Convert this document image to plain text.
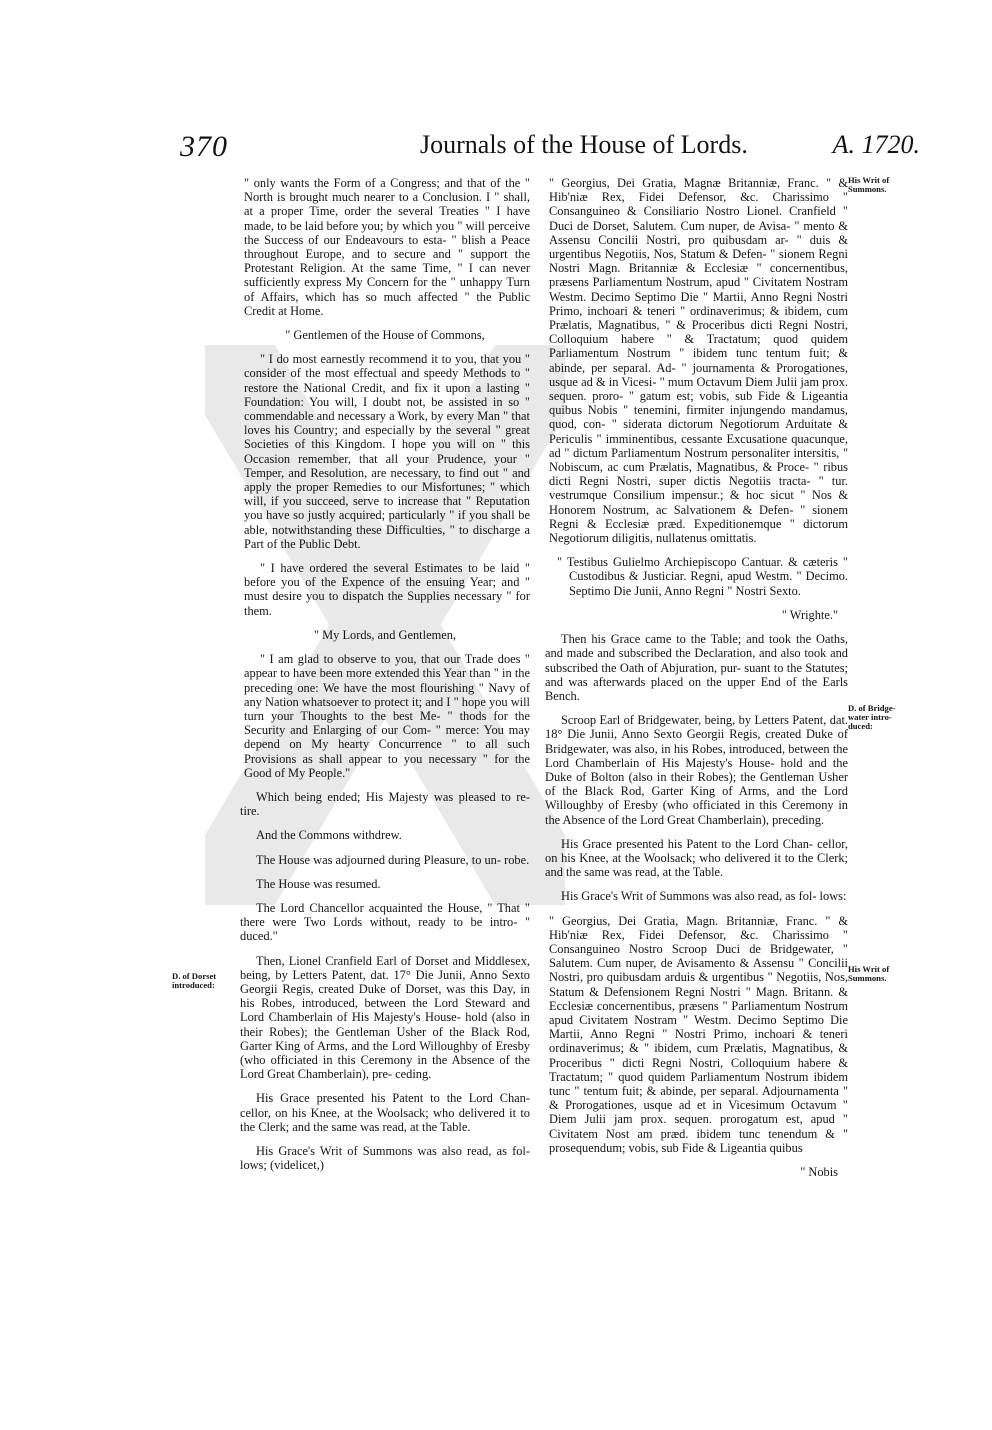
370	Journals of the House of Lords.	A. 1720.

" only wants the Form of a Congress; and that of the " North is brought much nearer to a Conclusion. I " shall, at a proper Time, order the several Treaties " I have made, to be laid before you; by which you " will perceive the Success of our Endeavours to esta- " blish a Peace throughout Europe, and to secure and " support the Protestant Religion. At the same Time, " I can never sufficiently express My Concern for the " unhappy Turn of Affairs, which has so much affected " the Public Credit at Home.

" Gentlemen of the House of Commons,

" I do most earnestly recommend it to you, that you " consider of the most effectual and speedy Methods to " restore the National Credit, and fix it upon a lasting " Foundation: You will, I doubt not, be assisted in so " commendable and necessary a Work, by every Man " that loves his Country; and especially by the several " great Societies of this Kingdom. I hope you will on " this Occasion remember, that all your Prudence, your " Temper, and Resolution, are necessary, to find out " and apply the proper Remedies to our Misfortunes; " which will, if you succeed, serve to increase that " Reputation you have so justly acquired; particularly " if you shall be able, notwithstanding these Difficulties, " to discharge a Part of the Public Debt.

" I have ordered the several Estimates to be laid " before you of the Expence of the ensuing Year; and " must desire you to dispatch the Supplies necessary " for them.

" My Lords, and Gentlemen,

" I am glad to observe to you, that our Trade does " appear to have been more extended this Year than " in the preceding one: We have the most flourishing " Navy of any Nation whatsoever to protect it; and I " hope you will turn your Thoughts to the best Me- " thods for the Security and Enlarging of our Com- " merce: You may depend on My hearty Concurrence " to all such Provisions as shall appear to you necessary " for the Good of My People."

Which being ended; His Majesty was pleased to re- tire.

And the Commons withdrew.

The House was adjourned during Pleasure, to un- robe.

The House was resumed.

The Lord Chancellor acquainted the House, " That " there were Two Lords without, ready to be intro- " duced."

Then, Lionel Cranfield Earl of Dorset and Middlesex, being, by Letters Patent, dat. 17° Die Junii, Anno Sexto Georgii Regis, created Duke of Dorset, was this Day, in his Robes, introduced, between the Lord Steward and Lord Chamberlain of His Majesty's House- hold (also in their Robes); the Gentleman Usher of the Black Rod, Garter King of Arms, and the Lord Willoughby of Eresby (who officiated in this Ceremony in the Absence of the Lord Great Chamberlain), pre- ceding.

His Grace presented his Patent to the Lord Chan- cellor, on his Knee, at the Woolsack; who delivered it to the Clerk; and the same was read, at the Table.

His Grace's Writ of Summons was also read, as fol- lows; (videlicet,)

" Georgius, Dei Gratia, Magnæ Britanniæ, Franc. " & Hib'niæ Rex, Fidei Defensor, &c. Charissimo " Consanguineo & Consiliario Nostro Lionel. Cranfield " Duci de Dorset, Salutem. Cum nuper, de Avisa- " mento & Assensu Concilii Nostri, pro quibusdam ar- " duis & urgentibus Negotiis, Nos, Statum & Defen- " sionem Regni Nostri Magn. Britanniæ & Ecclesiæ " concernentibus, præsens Parliamentum Nostrum, apud " Civitatem Nostram Westm. Decimo Septimo Die " Martii, Anno Regni Nostri Primo, inchoari & teneri " ordinaverimus; & ibidem, cum Prælatis, Magnatibus, " & Proceribus dicti Regni Nostri, Colloquium habere " & Tractatum; quod quidem Parliamentum Nostrum " ibidem tunc tentum fuit; & abinde, per separal. Ad- " journamenta & Prorogationes, usque ad & in Vicesi- " mum Octavum Diem Julii jam prox. sequen. proro- " gatum est; vobis, sub Fide & Ligeantia quibus Nobis " tenemini, firmiter injungendo mandamus, quod, con- " siderata dictorum Negotiorum Arduitate & Periculis " imminentibus, cessante Excusatione quacunque, ad " dictum Parliamentum Nostrum personaliter intersitis, " Nobiscum, ac cum Prælatis, Magnatibus, & Proce- " ribus dicti Regni Nostri, super dictis Negotiis tracta- " tur. vestrumque Consilium impensur.; & hoc sicut " Nos & Honorem Nostrum, ac Salvationem & Defen- " sionem Regni & Ecclesiæ præd. Expeditionemque " dictorum Negotiorum diligitis, nullatenus omittatis.

" Testibus Gulielmo Archiepiscopo Cantuar. & cæteris " Custodibus & Justiciar. Regni, apud Westm. " Decimo. Septimo Die Junii, Anno Regni " Nostri Sexto.

" Wrighte."

Then his Grace came to the Table; and took the Oaths, and made and subscribed the Declaration, and also took and subscribed the Oath of Abjuration, pur- suant to the Statutes; and was afterwards placed on the upper End of the Earls Bench.

Scroop Earl of Bridgewater, being, by Letters Patent, dat. 18° Die Junii, Anno Sexto Georgii Regis, created Duke of Bridgewater, was also, in his Robes, introduced, between the Lord Chamberlain of His Majesty's House- hold and the Duke of Bolton (also in their Robes); the Gentleman Usher of the Black Rod, Garter King of Arms, and the Lord Willoughby of Eresby (who officiated in this Ceremony in the Absence of the Lord Great Chamberlain), preceding.

His Grace presented his Patent to the Lord Chan- cellor, on his Knee, at the Woolsack; who delivered it to the Clerk; and the same was read, at the Table.

His Grace's Writ of Summons was also read, as fol- lows:

" Georgius, Dei Gratia, Magn. Britanniæ, Franc. " & Hib'niæ Rex, Fidei Defensor, &c. Charissimo " Consanguineo Nostro Scroop Duci de Bridgewater, " Salutem. Cum nuper, de Avisamento & Assensu " Concilii Nostri, pro quibusdam arduis & urgentibus " Negotiis, Nos, Statum & Defensionem Regni Nostri " Magn. Britann. & Ecclesiæ concernentibus, præsens " Parliamentum Nostrum apud Civitatem Nostram " Westm. Decimo Septimo Die Martii, Anno Regni " Nostri Primo, inchoari & teneri ordinaverimus; & " ibidem, cum Prælatis, Magnatibus, & Proceribus " dicti Regni Nostri, Colloquium habere & Tractatum; " quod quidem Parliamentum Nostrum ibidem tunc " tentum fuit; & abinde, per separal. Adjournamenta " & Prorogationes, usque ad et in Vicesimum Octavum " Diem Julii jam prox. sequen. prorogatum est, apud " Civitatem Nost am præd. ibidem tunc tenendum & " prosequendum; vobis, sub Fide & Ligeantia quibus

" Nobis

D. of Dorset introduced:
His Writ of Summons.
D. of Bridge- water intro- duced:
His Writ of Summons.
